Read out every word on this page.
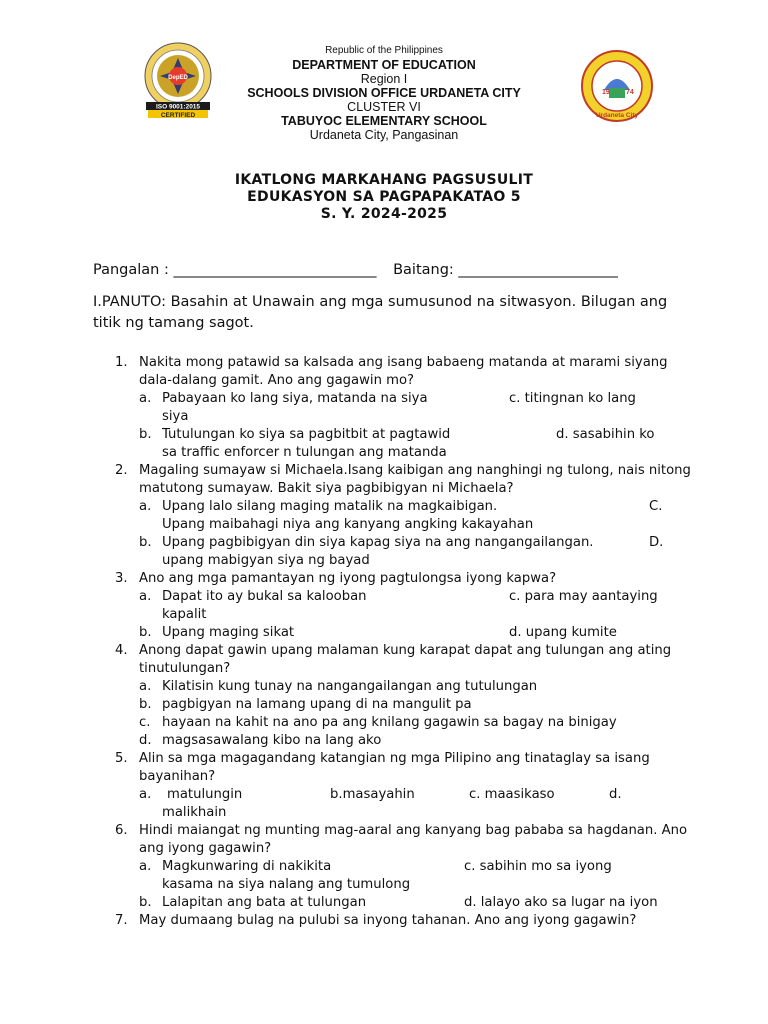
DepED
ISO 9001:2015
CERTIFIED
19 74
Urdaneta City
Republic of the Philippines
DEPARTMENT OF EDUCATION
Region I
SCHOOLS DIVISION OFFICE URDANETA CITY
CLUSTER VI
TABUYOC ELEMENTARY SCHOOL
Urdaneta City, Pangasinan
IKATLONG MARKAHANG PAGSUSULIT
EDUKASYON SA PAGPAPAKATAO 5
S. Y. 2024-2025
Pangalan : ____________________________ Baitang: ______________________
I.PANUTO: Basahin at Unawain ang mga sumusunod na sitwasyon. Bilugan ang titik ng tamang sagot.
1. Nakita mong patawid sa kalsada ang isang babaeng matanda at marami siyang dala-dalang gamit. Ano ang gagawin mo?
a. Pabayaan ko lang siya, matanda na siya	c. titingnan ko lang
siya
b. Tutulungan ko siya sa pagbitbit at pagtawid	d. sasabihin ko
sa traffic enforcer n tulungan ang matanda
2. Magaling sumayaw si Michaela.Isang kaibigan ang nanghingi ng tulong, nais nitong matutong sumayaw. Bakit siya pagbibigyan ni Michaela?
a. Upang lalo silang maging matalik na magkaibigan.	C.
Upang maibahagi niya ang kanyang angking kakayahan
b. Upang pagbibigyan din siya kapag siya na ang nangangailangan.	D.
upang mabigyan siya ng bayad
3. Ano ang mga pamantayan ng iyong pagtulongsa iyong kapwa?
a. Dapat ito ay bukal sa kalooban	c. para may aantaying
kapalit
b. Upang maging sikat	d. upang kumite
4. Anong dapat gawin upang malaman kung karapat dapat ang tulungan ang ating tinutulungan?
a. Kilatisin kung tunay na nangangailangan ang tutulungan
b. pagbigyan na lamang upang di na mangulit pa
c. hayaan na kahit na ano pa ang knilang gagawin sa bagay na binigay
d. magsasawalang kibo na lang ako
5. Alin sa mga magagandang katangian ng mga Pilipino ang tinataglay sa isang bayanihan?
a.	matulungin	b.masayahin	c. maasikaso	d.
malikhain
6. Hindi maiangat ng munting mag-aaral ang kanyang bag pababa sa hagdanan. Ano ang iyong gagawin?
a. Magkunwaring di nakikita	c. sabihin mo sa iyong
kasama na siya nalang ang tumulong
b. Lalapitan ang bata at tulungan	d. lalayo ako sa lugar na iyon
7. May dumaang bulag na pulubi sa inyong tahanan. Ano ang iyong gagawin?
